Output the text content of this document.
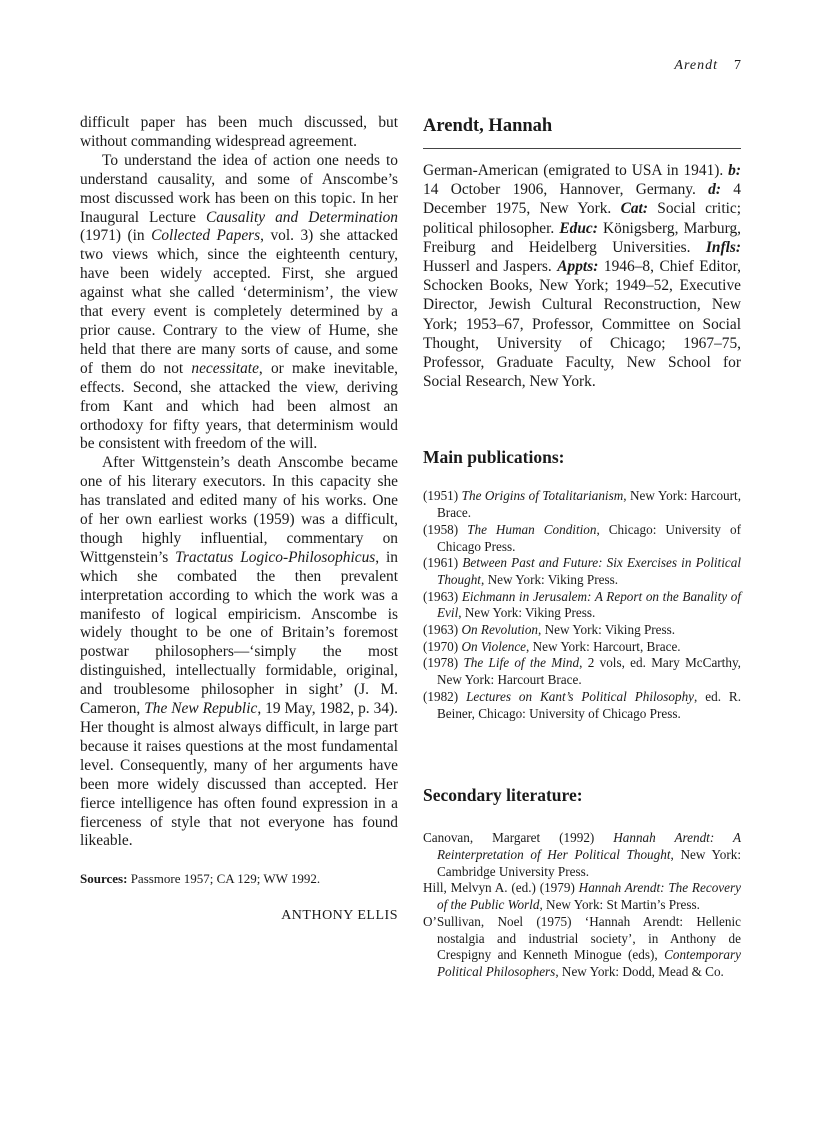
Arendt 7

difficult paper has been much discussed, but without commanding widespread agreement.

To understand the idea of action one needs to understand causality, and some of Anscombe’s most discussed work has been on this topic. In her Inaugural Lecture Causality and Determination (1971) (in Collected Papers, vol. 3) she attacked two views which, since the eighteenth century, have been widely accepted. First, she argued against what she called ‘determinism’, the view that every event is completely determined by a prior cause. Contrary to the view of Hume, she held that there are many sorts of cause, and some of them do not necessitate, or make inevitable, effects. Second, she attacked the view, deriving from Kant and which had been almost an orthodoxy for fifty years, that determinism would be consistent with freedom of the will.

After Wittgenstein’s death Anscombe became one of his literary executors. In this capacity she has translated and edited many of his works. One of her own earliest works (1959) was a difficult, though highly influential, commentary on Wittgenstein’s Tractatus Logico-Philosophicus, in which she combated the then prevalent interpretation according to which the work was a manifesto of logical empiricism. Anscombe is widely thought to be one of Britain’s foremost postwar philosophers—‘simply the most distinguished, intellectually formidable, original, and troublesome philosopher in sight’ (J. M. Cameron, The New Republic, 19 May, 1982, p. 34). Her thought is almost always difficult, in large part because it raises questions at the most fundamental level. Consequently, many of her arguments have been more widely discussed than accepted. Her fierce intelligence has often found expression in a fierceness of style that not everyone has found likeable.

Sources: Passmore 1957; CA 129; WW 1992.
ANTHONY ELLIS
Arendt, Hannah
German-American (emigrated to USA in 1941). b: 14 October 1906, Hannover, Germany. d: 4 December 1975, New York. Cat: Social critic; political philosopher. Educ: Königsberg, Marburg, Freiburg and Heidelberg Universities. Infls: Husserl and Jaspers. Appts: 1946–8, Chief Editor, Schocken Books, New York; 1949–52, Executive Director, Jewish Cultural Reconstruction, New York; 1953–67, Professor, Committee on Social Thought, University of Chicago; 1967–75, Professor, Graduate Faculty, New School for Social Research, New York.
Main publications:

(1951) The Origins of Totalitarianism, New York: Harcourt, Brace.

(1958) The Human Condition, Chicago: University of Chicago Press.

(1961) Between Past and Future: Six Exercises in Political Thought, New York: Viking Press.

(1963) Eichmann in Jerusalem: A Report on the Banality of Evil, New York: Viking Press.

(1963) On Revolution, New York: Viking Press.

(1970) On Violence, New York: Harcourt, Brace.

(1978) The Life of the Mind, 2 vols, ed. Mary McCarthy, New York: Harcourt Brace.

(1982) Lectures on Kant’s Political Philosophy, ed. R. Beiner, Chicago: University of Chicago Press.

Secondary literature:

Canovan, Margaret (1992) Hannah Arendt: A Reinterpretation of Her Political Thought, New York: Cambridge University Press.

Hill, Melvyn A. (ed.) (1979) Hannah Arendt: The Recovery of the Public World, New York: St Martin’s Press.

O’Sullivan, Noel (1975) ‘Hannah Arendt: Hellenic nostalgia and industrial society’, in Anthony de Crespigny and Kenneth Minogue (eds), Contemporary Political Philosophers, New York: Dodd, Mead & Co.
